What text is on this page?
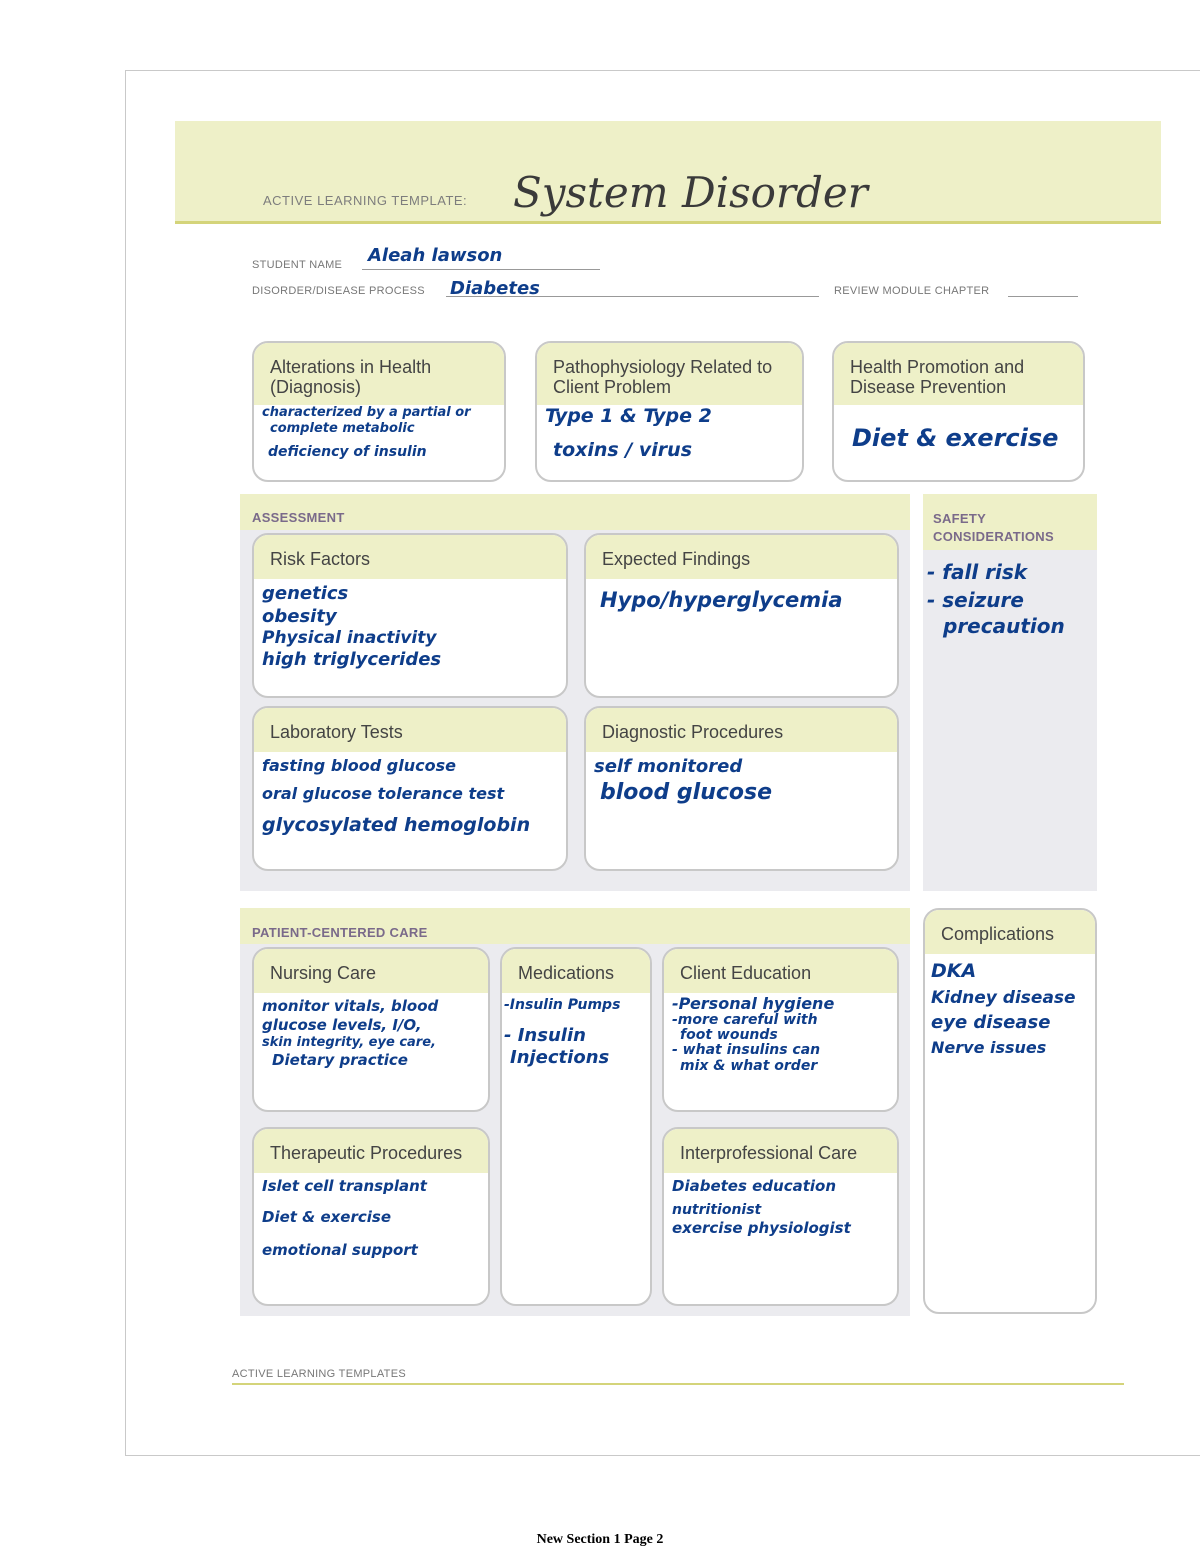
ACTIVE LEARNING TEMPLATE: System Disorder
STUDENT NAME Aleah lawson
DISORDER/DISEASE PROCESS Diabetes	REVIEW MODULE CHAPTER
Alterations in Health (Diagnosis)
characterized by a partial or
complete metabolic
deficiency of insulin
Pathophysiology Related to Client Problem
Type 1 & Type 2
toxins / virus
Health Promotion and Disease Prevention
Diet & exercise
ASSESSMENT
Risk Factors
genetics
obesity
Physical inactivity
high triglycerides
Expected Findings
Hypo/hyperglycemia
Laboratory Tests
fasting blood glucose
oral glucose tolerance test
glycosylated hemoglobin
Diagnostic Procedures
self monitored
blood glucose
SAFETY CONSIDERATIONS
- fall risk
- seizure
precaution
PATIENT-CENTERED CARE
Nursing Care
monitor vitals, blood
glucose levels, I/O,
skin integrity, eye care,
Dietary practice
Medications
-Insulin Pumps
- Insulin
Injections
Client Education
-Personal hygiene
-more careful with
foot wounds
- what insulins can
mix & what order
Therapeutic Procedures
Islet cell transplant
Diet & exercise
emotional support
Interprofessional Care
Diabetes education
nutritionist
exercise physiologist
Complications
DKA
Kidney disease
eye disease
Nerve issues
ACTIVE LEARNING TEMPLATES
New Section 1 Page 2
